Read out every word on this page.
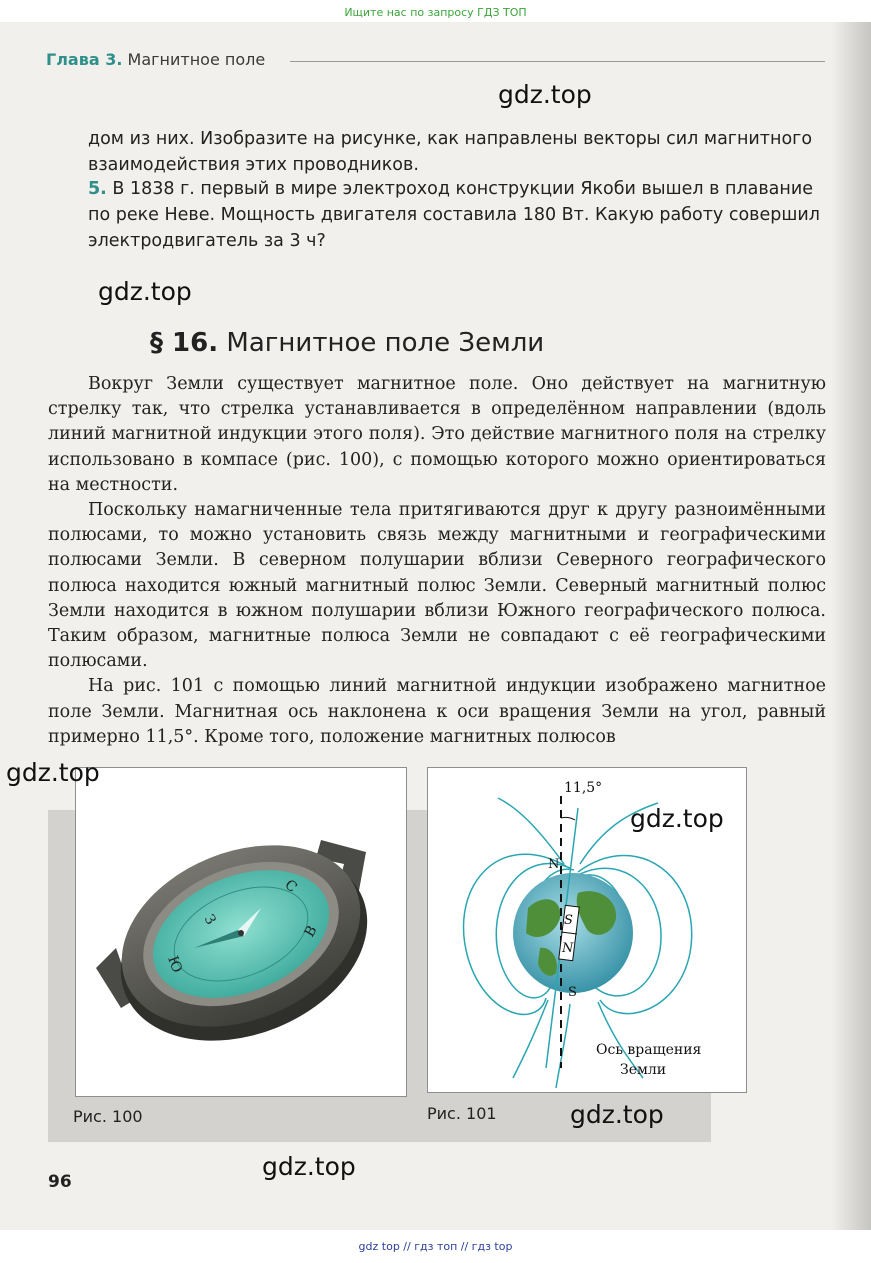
Ищите нас по запросу ГДЗ ТОП
Глава 3. Магнитное поле
дом из них. Изобразите на рисунке, как направлены векторы сил магнитного взаимодействия этих проводников.
5. В 1838 г. первый в мире электроход конструкции Якоби вышел в плавание по реке Неве. Мощность двигателя составила 180 Вт. Какую работу совершил электродвигатель за 3 ч?
§ 16. Магнитное поле Земли

Вокруг Земли существует магнитное поле. Оно действует на магнитную стрелку так, что стрелка устанавливается в определённом направлении (вдоль линий магнитной индукции этого поля). Это действие магнитного поля на стрелку использовано в компасе (рис. 100), с помощью которого можно ориентироваться на местности.

Поскольку намагниченные тела притягиваются друг к другу разноимёнными полюсами, то можно установить связь между магнитными и географическими полюсами Земли. В северном полушарии вблизи Северного географического полюса находится южный магнитный полюс Земли. Северный магнитный полюс Земли находится в южном полушарии вблизи Южного географического полюса. Таким образом, магнитные полюса Земли не совпадают с её географическими полюсами.

На рис. 101 с помощью линий магнитной индукции изображено магнитное поле Земли. Магнитная ось наклонена к оси вращения Земли на угол, равный примерно 11,5°. Кроме того, положение магнитных полюсов

С
З
Ю
В
Рис. 100
S
N
11,5°
N
S
Ось вращения
Земли
Рис. 101
96
gdz.top
gdz.top
gdz.top
gdz.top
gdz.top
gdz.top
gdz top // гдз топ // гдз top
